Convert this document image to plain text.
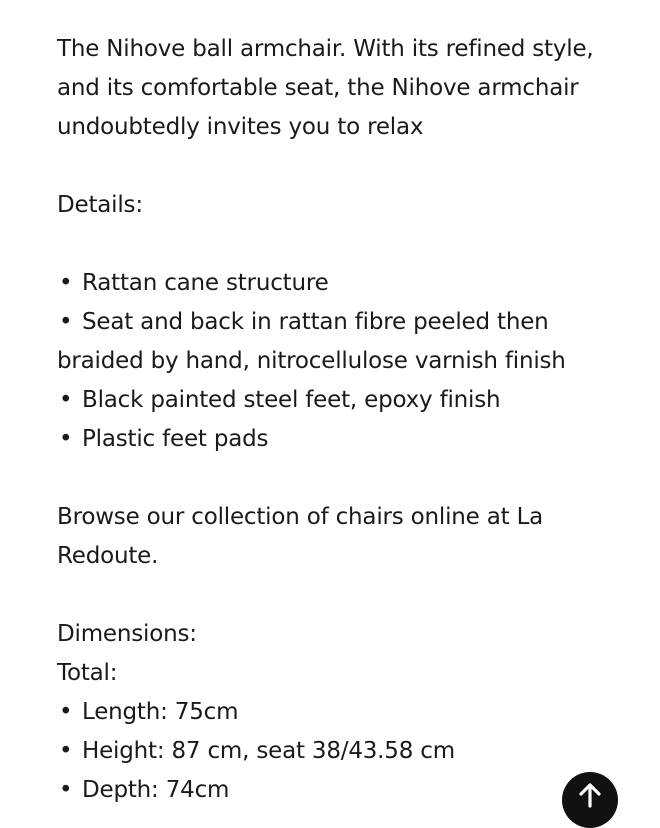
The Nihove ball armchair. With its refined style, and its comfortable seat, the Nihove armchair undoubtedly invites you to relax

Details:

• Rattan cane structure

• Seat and back in rattan fibre peeled then braided by hand, nitrocellulose varnish finish

• Black painted steel feet, epoxy finish

• Plastic feet pads

Browse our collection of chairs online at La Redoute.

Dimensions:

Total:

• Length: 75cm

• Height: 87 cm, seat 38/43.58 cm

• Depth: 74cm
